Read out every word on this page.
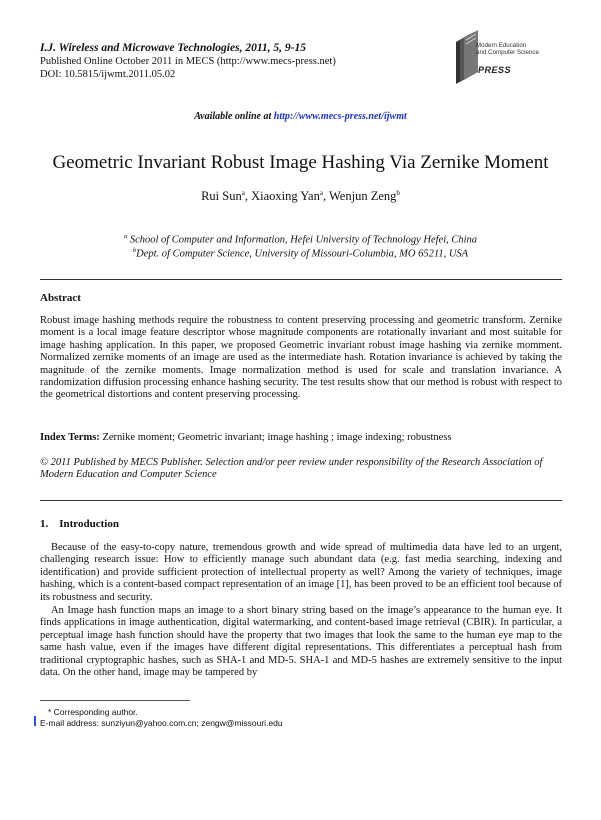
I.J. Wireless and Microwave Technologies, 2011, 5, 9-15
Published Online October 2011 in MECS (http://www.mecs-press.net)
DOI: 10.5815/ijwmt.2011.05.02
Modern Education
and Computer Science
PRESS
Available online at http://www.mecs-press.net/ijwmt
Geometric Invariant Robust Image Hashing Via Zernike Moment
Rui Sun$^a$, Xiaoxing Yan$^a$, Wenjun Zeng$^b$
$^a$ School of Computer and Information, Hefei University of Technology Hefei, China
$^b$Dept. of Computer Science, University of Missouri-Columbia, MO 65211, USA
Abstract
Robust image hashing methods require the robustness to content preserving processing and geometric transform. Zernike moment is a local image feature descriptor whose magnitude components are rotationally invariant and most suitable for image hashing application. In this paper, we proposed Geometric invariant robust image hashing via zernike momment. Normalized zernike moments of an image are used as the intermediate hash. Rotation invariance is achieved by taking the magnitude of the zernike moments. Image normalization method is used for scale and translation invariance. A randomization diffusion processing enhance hashing security. The test results show that our method is robust with respect to the geometrical distortions and content preserving processing.
Index Terms: Zernike moment; Geometric invariant; image hashing ; image indexing; robustness
© 2011 Published by MECS Publisher. Selection and/or peer review under responsibility of the Research Association of Modern Education and Computer Science
1.    Introduction

Because of the easy-to-copy nature, tremendous growth and wide spread of multimedia data have led to an urgent, challenging research issue: How to efficiently manage such abundant data (e.g. fast media searching, indexing and identification) and provide sufficient protection of intellectual property as well? Among the variety of techniques, image hashing, which is a content-based compact representation of an image [1], has been proved to be an efficient tool because of its robustness and security.

An Image hash function maps an image to a short binary string based on the image’s appearance to the human eye. It finds applications in image authentication, digital watermarking, and content-based image retrieval (CBIR). In particular, a perceptual image hash function should have the property that two images that look the same to the human eye map to the same hash value, even if the images have different digital representations. This differentiates a perceptual hash from traditional cryptographic hashes, such as SHA-1 and MD-5. SHA-1 and MD-5 hashes are extremely sensitive to the input data. On the other hand, image may be tampered by

* Corresponding author.
E-mail address: sunziyun@yahoo.com.cn; zengw@missouri.edu
